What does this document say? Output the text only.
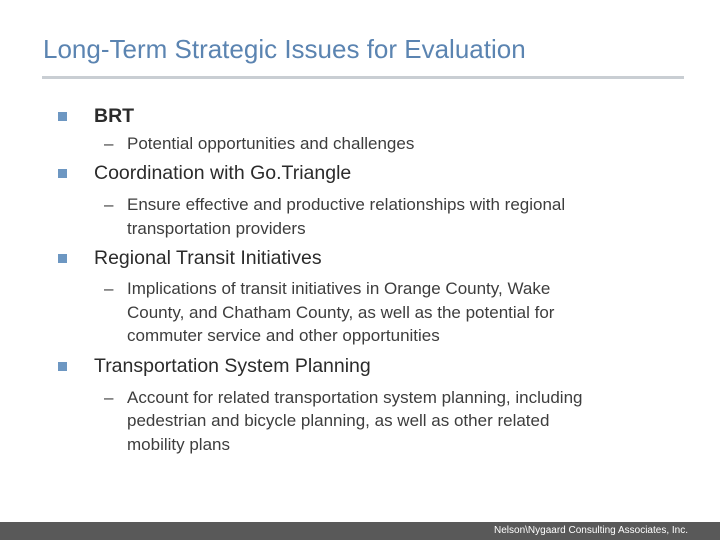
Long-Term Strategic Issues for Evaluation
BRT
– Potential opportunities and challenges
Coordination with Go.Triangle
– Ensure effective and productive relationships with regional
transportation providers
Regional Transit Initiatives
– Implications of transit initiatives in Orange County, Wake
County, and Chatham County, as well as the potential for
commuter service and other opportunities
Transportation System Planning
– Account for related transportation system planning, including
pedestrian and bicycle planning, as well as other related
mobility plans
Nelson\Nygaard Consulting Associates, Inc.
